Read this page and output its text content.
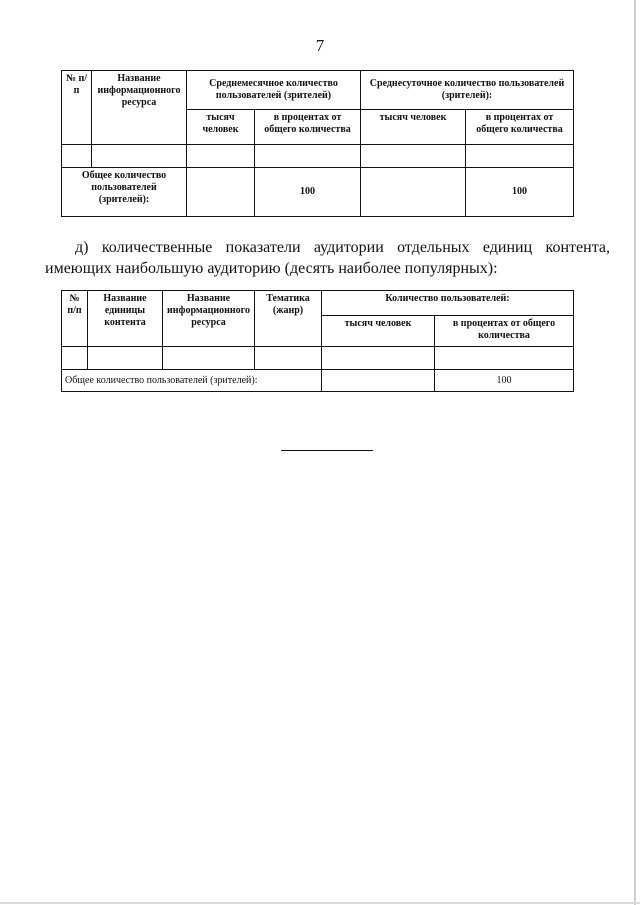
7
№ п/п	Название информационного ресурса	Среднемесячное количество пользователей (зрителей)		Среднесуточное количество пользователей (зрителей):	
		тысяч человек	в процентах от общего количества	тысяч человек	в процентах от общего количества

Общее количество пользователей (зрителей):			100		100
д) количественные показатели аудитории отдельных единиц контента, имеющих наибольшую аудиторию (десять наиболее популярных):
№ п/п	Название единицы контента	Название информационного ресурса	Тематика (жанр)	Количество пользователей:	
				тысяч человек	в процентах от общего количества

Общее количество пользователей (зрителей):					100
